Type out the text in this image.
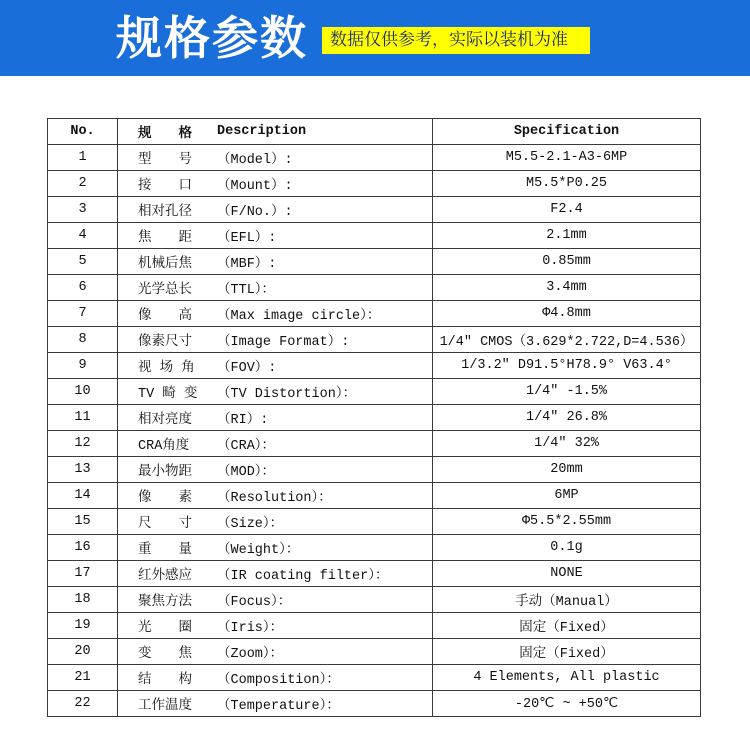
规格参数	数据仅供参考，实际以装机为准
No.	规　　格 Description	Specification
1	型　　号 （Model）:	M5.5-2.1-A3-6MP
2	接　　口 （Mount）:	M5.5*P0.25
3	相对孔径 （F/No.）:	F2.4
4	焦　　距 （EFL）:	2.1mm
5	机械后焦 （MBF）:	0.85mm
6	光学总长 （TTL）：	3.4mm
7	像　　高 （Max image circle）：	Φ4.8mm
8	像素尺寸 （Image Format）:	1/4″ CMOS（3.629*2.722,D=4.536）
9	视 场 角 （FOV）:	1/3.2″ D91.5°H78.9° V63.4°
10	TV 畸 变 （TV Distortion）：	1/4″ -1.5%
11	相对亮度 （RI）:	1/4″ 26.8%
12	CRA角度 （CRA）：	1/4″ 32%
13	最小物距 （MOD）：	20mm
14	像　　素 （Resolution）：	6MP
15	尺　　寸 （Size）：	Φ5.5*2.55mm
16	重　　量 （Weight）：	0.1g
17	红外感应 （IR coating filter）：	NONE
18	聚焦方法 （Focus）：	手动（Manual）
19	光　　圈 （Iris）：	固定（Fixed）
20	变　　焦 （Zoom）：	固定（Fixed）
21	结　　构 （Composition）：	4 Elements, All plastic
22	工作温度 （Temperature）：	-20℃ ~ +50℃
